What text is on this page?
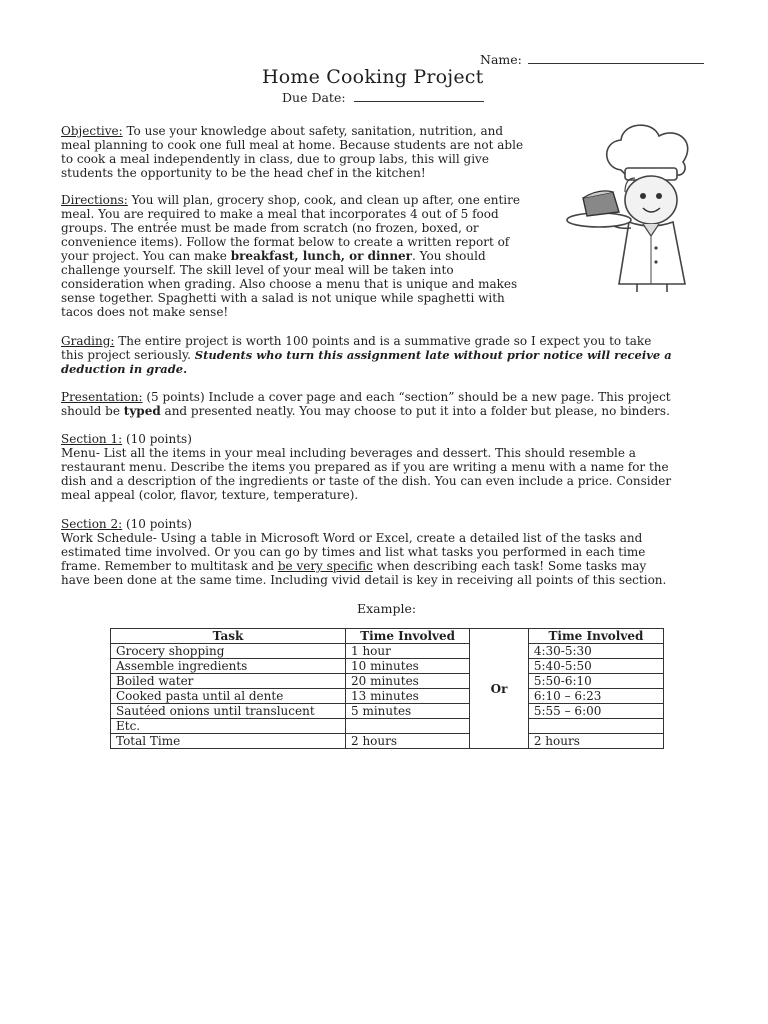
Name:
Home Cooking Project
Due Date:

Objective: To use your knowledge about safety, sanitation, nutrition, and
meal planning to cook one full meal at home. Because students are not able
to cook a meal independently in class, due to group labs, this will give
students the opportunity to be the head chef in the kitchen!

Directions: You will plan, grocery shop, cook, and clean up after, one entire
meal. You are required to make a meal that incorporates 4 out of 5 food
groups. The entrée must be made from scratch (no frozen, boxed, or
convenience items). Follow the format below to create a written report of
your project. You can make breakfast, lunch, or dinner. You should
challenge yourself. The skill level of your meal will be taken into
consideration when grading. Also choose a menu that is unique and makes
sense together. Spaghetti with a salad is not unique while spaghetti with
tacos does not make sense!

Grading: The entire project is worth 100 points and is a summative grade so I expect you to take
this project seriously. Students who turn this assignment late without prior notice will receive a
deduction in grade.

Presentation: (5 points) Include a cover page and each “section” should be a new page. This project
should be typed and presented neatly. You may choose to put it into a folder but please, no binders.

Section 1: (10 points)
Menu- List all the items in your meal including beverages and dessert. This should resemble a
restaurant menu. Describe the items you prepared as if you are writing a menu with a name for the
dish and a description of the ingredients or taste of the dish. You can even include a price. Consider
meal appeal (color, flavor, texture, temperature).

Section 2: (10 points)
Work Schedule- Using a table in Microsoft Word or Excel, create a detailed list of the tasks and
estimated time involved. Or you can go by times and list what tasks you performed in each time
frame. Remember to multitask and be very specific when describing each task! Some tasks may
have been done at the same time. Including vivid detail is key in receiving all points of this section.

Example:
Task	Time Involved	Or	Time Involved
Grocery shopping	1 hour		4:30-5:30
Assemble ingredients	10 minutes		5:40-5:50
Boiled water	20 minutes		5:50-6:10
Cooked pasta until al dente	13 minutes		6:10 – 6:23
Sautéed onions until translucent	5 minutes		5:55 – 6:00
Etc.			
Total Time	2 hours		2 hours
